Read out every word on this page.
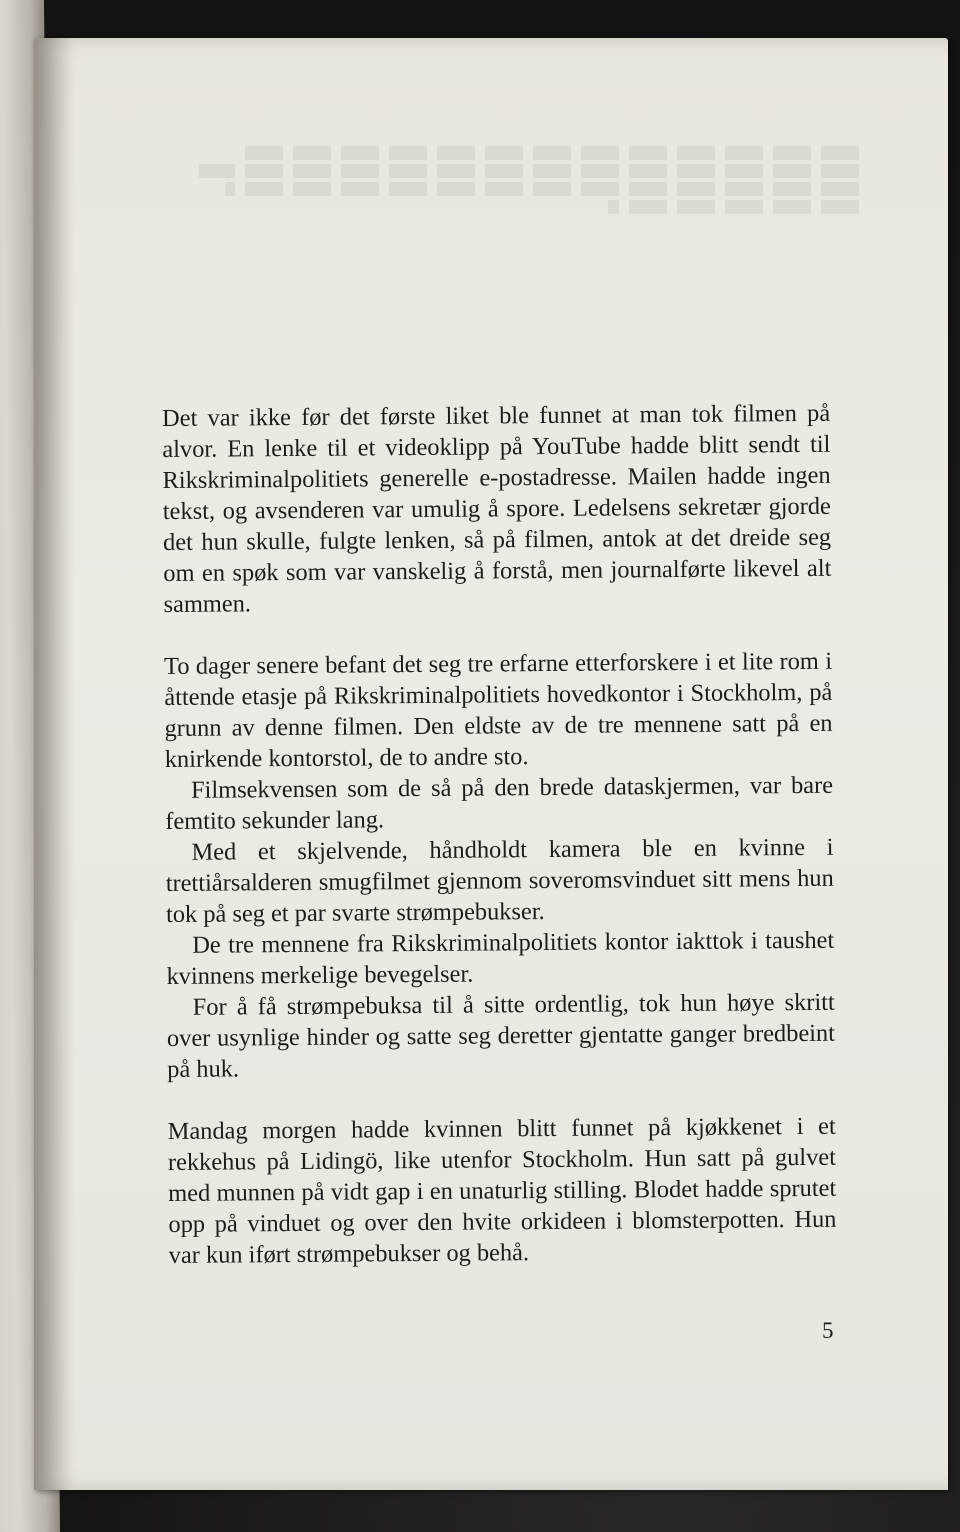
Det var ikke før det første liket ble funnet at man tok filmen på alvor. En lenke til et videoklipp på YouTube hadde blitt sendt til Rikskriminalpolitiets generelle e-postadresse. Mailen hadde ingen tekst, og avsenderen var umulig å spore. Ledelsens sekretær gjorde det hun skulle, fulgte lenken, så på filmen, antok at det dreide seg om en spøk som var vanskelig å forstå, men journalførte likevel alt sammen.

To dager senere befant det seg tre erfarne etterforskere i et lite rom i åttende etasje på Rikskriminalpolitiets hovedkontor i Stockholm, på grunn av denne filmen. Den eldste av de tre mennene satt på en knirkende kontorstol, de to andre sto.

Filmsekvensen som de så på den brede dataskjermen, var bare femtito sekunder lang.

Med et skjelvende, håndholdt kamera ble en kvinne i trettiårsalderen smugfilmet gjennom soveromsvinduet sitt mens hun tok på seg et par svarte strømpebukser.

De tre mennene fra Rikskriminalpolitiets kontor iakttok i taushet kvinnens merkelige bevegelser.

For å få strømpebuksa til å sitte ordentlig, tok hun høye skritt over usynlige hinder og satte seg deretter gjentatte ganger bredbeint på huk.

Mandag morgen hadde kvinnen blitt funnet på kjøkkenet i et rekkehus på Lidingö, like utenfor Stockholm. Hun satt på gulvet med munnen på vidt gap i en unaturlig stilling. Blodet hadde sprutet opp på vinduet og over den hvite orkideen i blomsterpotten. Hun var kun iført strømpebukser og behå.

5
